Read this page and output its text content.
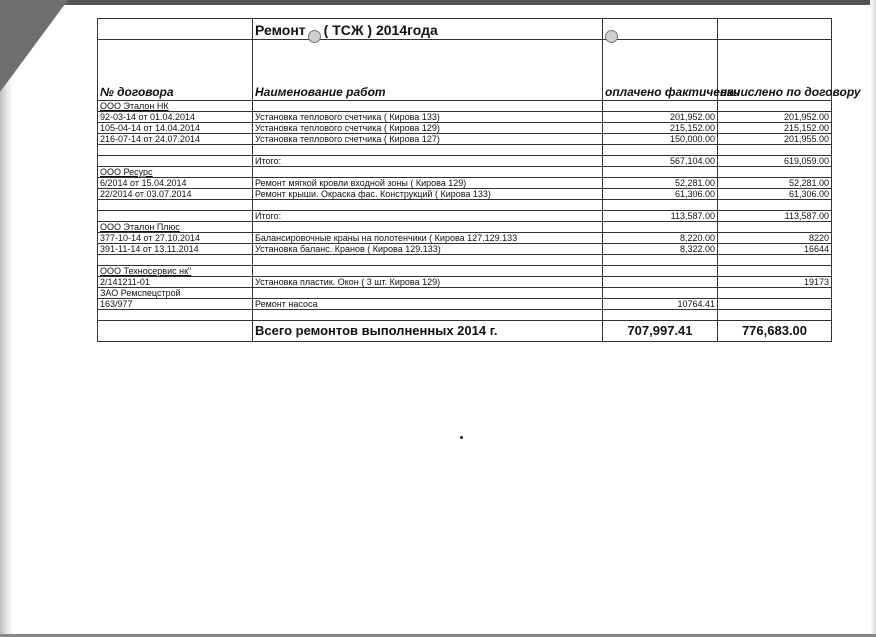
	Ремонт ( ТСЖ ) 2014года		
№ договора	Наименование работ	оплачено фактически	начислено по договору
ООО Эталон НК			
92-03-14 от 01.04.2014	Установка теплового счетчика ( Кирова 133)	201,952.00	201,952.00
105-04-14 от 14.04.2014	Установка теплового счетчика ( Кирова 129)	215,152.00	215,152.00
216-07-14 от 24.07.2014	Установка теплового счетчика ( Кирова 127)	150,000.00	201,955.00

	Итого:	567,104.00	619,059.00
ООО Ресурс			
6/2014 от 15.04.2014	Ремонт мягкой кровли входной зоны ( Кирова 129)	52,281.00	52,281.00
22/2014 от 03.07.2014	Ремонт крыши. Окраска фас. Конструкций ( Кирова 133)	61,306.00	61,306.00

	Итого:	113,587.00	113,587.00
ООО Эталон Плюс			
377-10-14 от 27.10.2014	Балансировочные краны на полотенчики ( Кирова 127.129.133	8,220.00	8220
391-11-14 от 13.11.2014	Установка баланс. Кранов ( Кирова 129.133)	8,322.00	16644

ООО Техносервис нк"			
2/141211-01	Установка пластик. Окон ( 3 шт. Кирова 129)		19173
ЗАО Ремспецстрой			
163/977	Ремонт насоса	10764.41	

	Всего ремонтов выполненных 2014 г.	707,997.41	776,683.00
